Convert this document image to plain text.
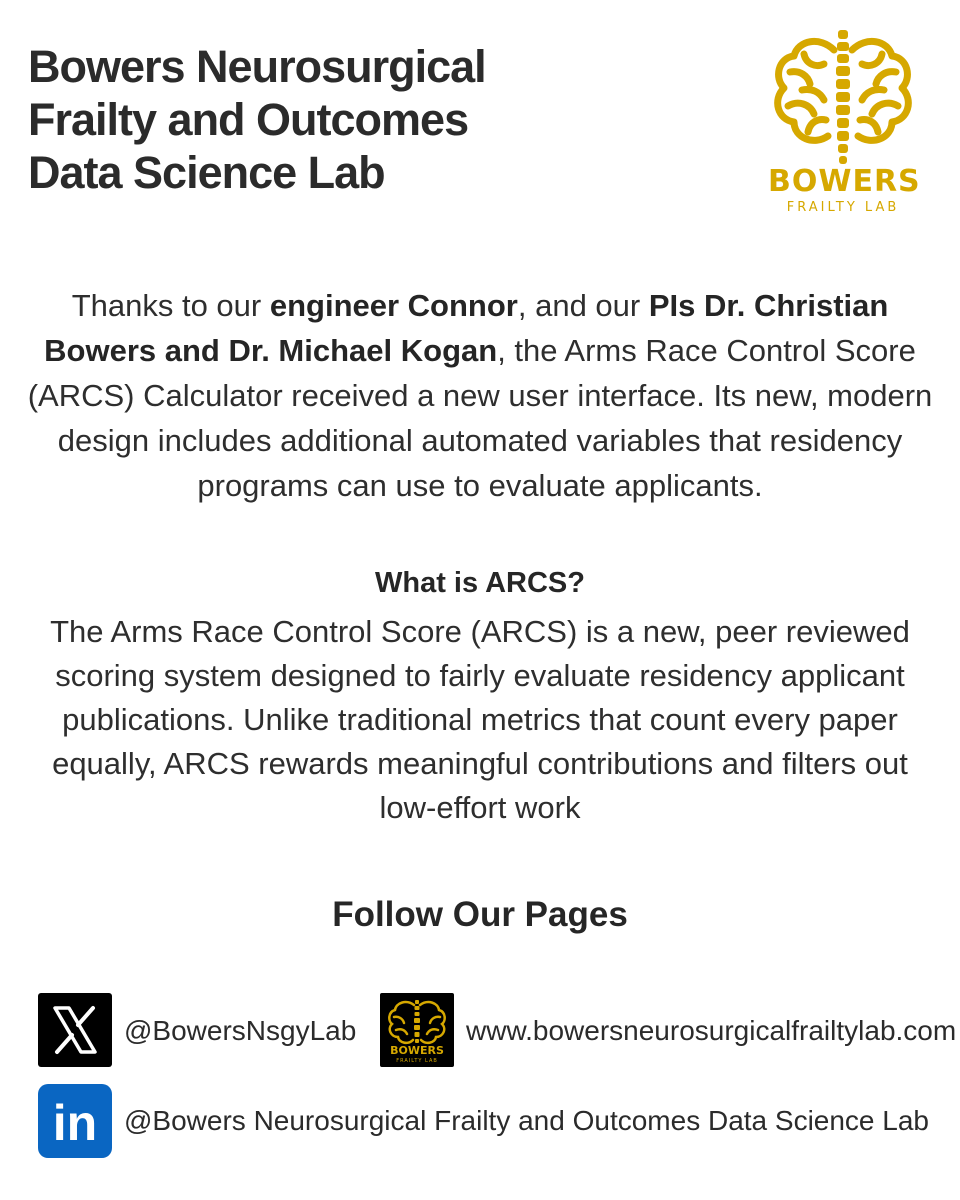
Bowers Neurosurgical
Frailty and Outcomes
Data Science Lab	BOWERS
FRAILTY LAB

Thanks to our engineer Connor, and our PIs Dr. Christian Bowers and Dr. Michael Kogan, the Arms Race Control Score (ARCS) Calculator received a new user interface. Its new, modern design includes additional automated variables that residency programs can use to evaluate applicants.

What is ARCS?

The Arms Race Control Score (ARCS) is a new, peer reviewed scoring system designed to fairly evaluate residency applicant publications. Unlike traditional metrics that count every paper equally, ARCS rewards meaningful contributions and filters out low-effort work

Follow Our Pages
@BowersNsgyLab
BOWERS
FRAILTY LAB
www.bowersneurosurgicalfrailtylab.com
in @Bowers Neurosurgical Frailty and Outcomes Data Science Lab
